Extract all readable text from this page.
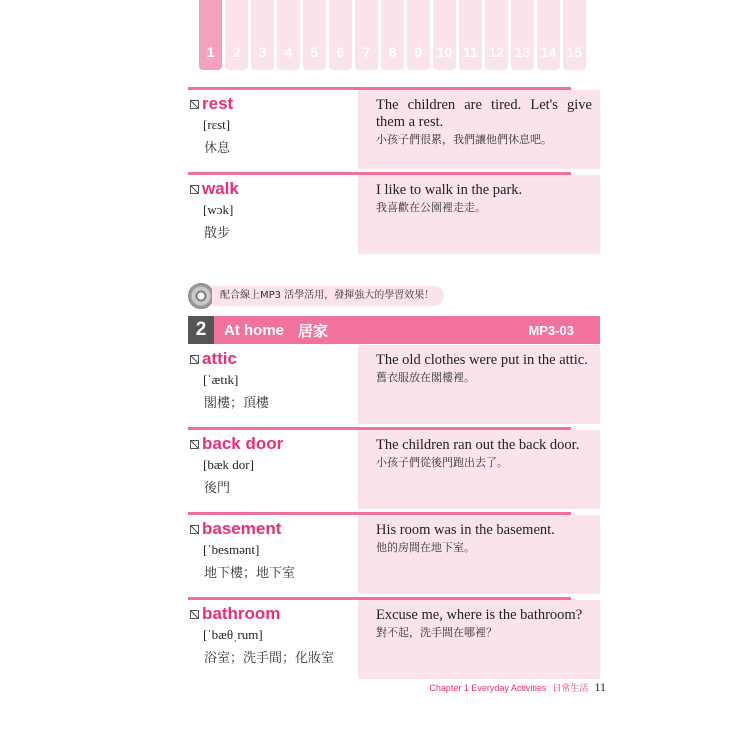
1	2	3	4	5	6	7	8	9	10 11 12 13 14 15
rest
[rɛst]
休息
The children are tired. Let's give them a rest.
小孩子們很累，我們讓他們休息吧。
walk
[wɔk]
散步
I like to walk in the park.
我喜歡在公園裡走走。
配合線上MP3 活學活用，發揮強大的學習效果！
2	At home 居家	MP3-03
attic
[ˈætɪk]
閣樓；頂樓
The old clothes were put in the attic.
舊衣服放在閣樓裡。
back door
[bæk dor]
後門
The children ran out the back door.
小孩子們從後門跑出去了。
basement
[ˈbesmənt]
地下樓；地下室
His room was in the basement.
他的房間在地下室。
bathroom
[ˈbæθˌrum]
浴室；洗手間；化妝室
Excuse me, where is the bathroom?
對不起，洗手間在哪裡？
Chapter 1 Everyday Activities 日常生活 11
